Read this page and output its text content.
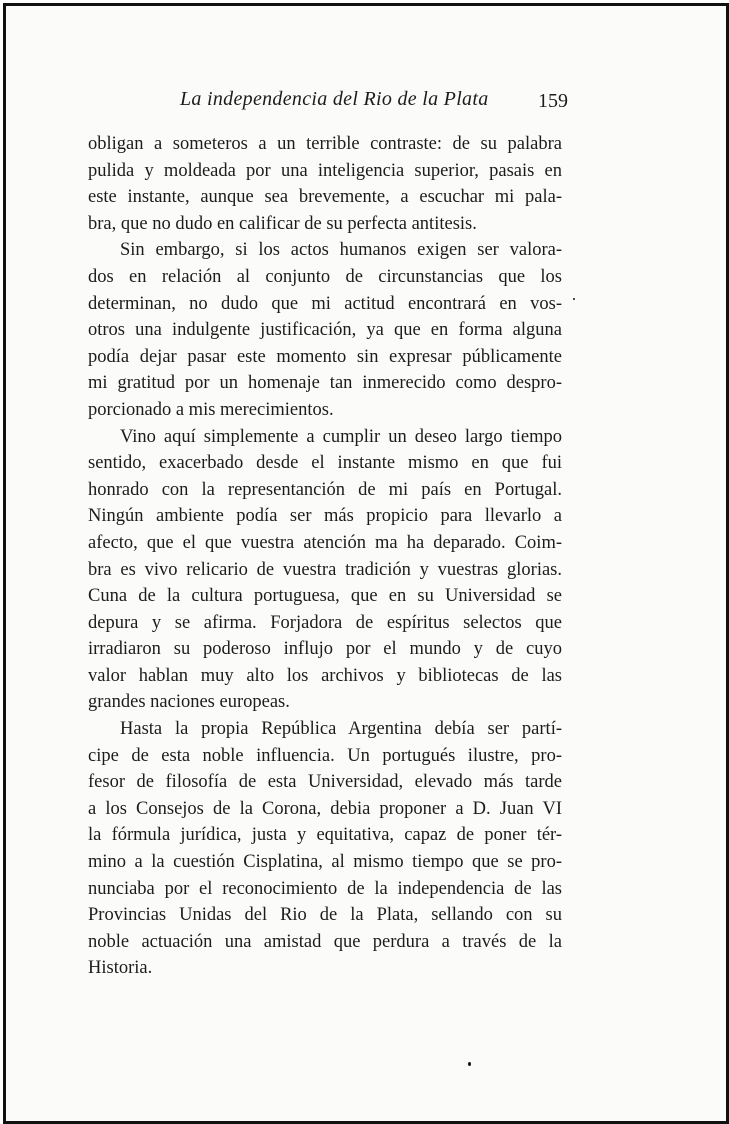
La independencia del Rio de la Plata 159
obligan a someteros a un terrible contraste: de su palabra
pulida y moldeada por una inteligencia superior, pasais en
este instante, aunque sea brevemente, a escuchar mi pala-
bra, que no dudo en calificar de su perfecta antitesis.
Sin embargo, si los actos humanos exigen ser valora-
dos en relación al conjunto de circunstancias que los
determinan, no dudo que mi actitud encontrará en vos-
otros una indulgente justificación, ya que en forma alguna
podía dejar pasar este momento sin expresar públicamente
mi gratitud por un homenaje tan inmerecido como despro-
porcionado a mis merecimientos.
Vino aquí simplemente a cumplir un deseo largo tiempo
sentido, exacerbado desde el instante mismo en que fui
honrado con la representanción de mi país en Portugal.
Ningún ambiente podía ser más propicio para llevarlo a
afecto, que el que vuestra atención ma ha deparado. Coim-
bra es vivo relicario de vuestra tradición y vuestras glorias.
Cuna de la cultura portuguesa, que en su Universidad se
depura y se afirma. Forjadora de espíritus selectos que
irradiaron su poderoso influjo por el mundo y de cuyo
valor hablan muy alto los archivos y bibliotecas de las
grandes naciones europeas.
Hasta la propia República Argentina debía ser partí-
cipe de esta noble influencia. Un portugués ilustre, pro-
fesor de filosofía de esta Universidad, elevado más tarde
a los Consejos de la Corona, debia proponer a D. Juan VI
la fórmula jurídica, justa y equitativa, capaz de poner tér-
mino a la cuestión Cisplatina, al mismo tiempo que se pro-
nunciaba por el reconocimiento de la independencia de las
Provincias Unidas del Rio de la Plata, sellando con su
noble actuación una amistad que perdura a través de la
Historia.
